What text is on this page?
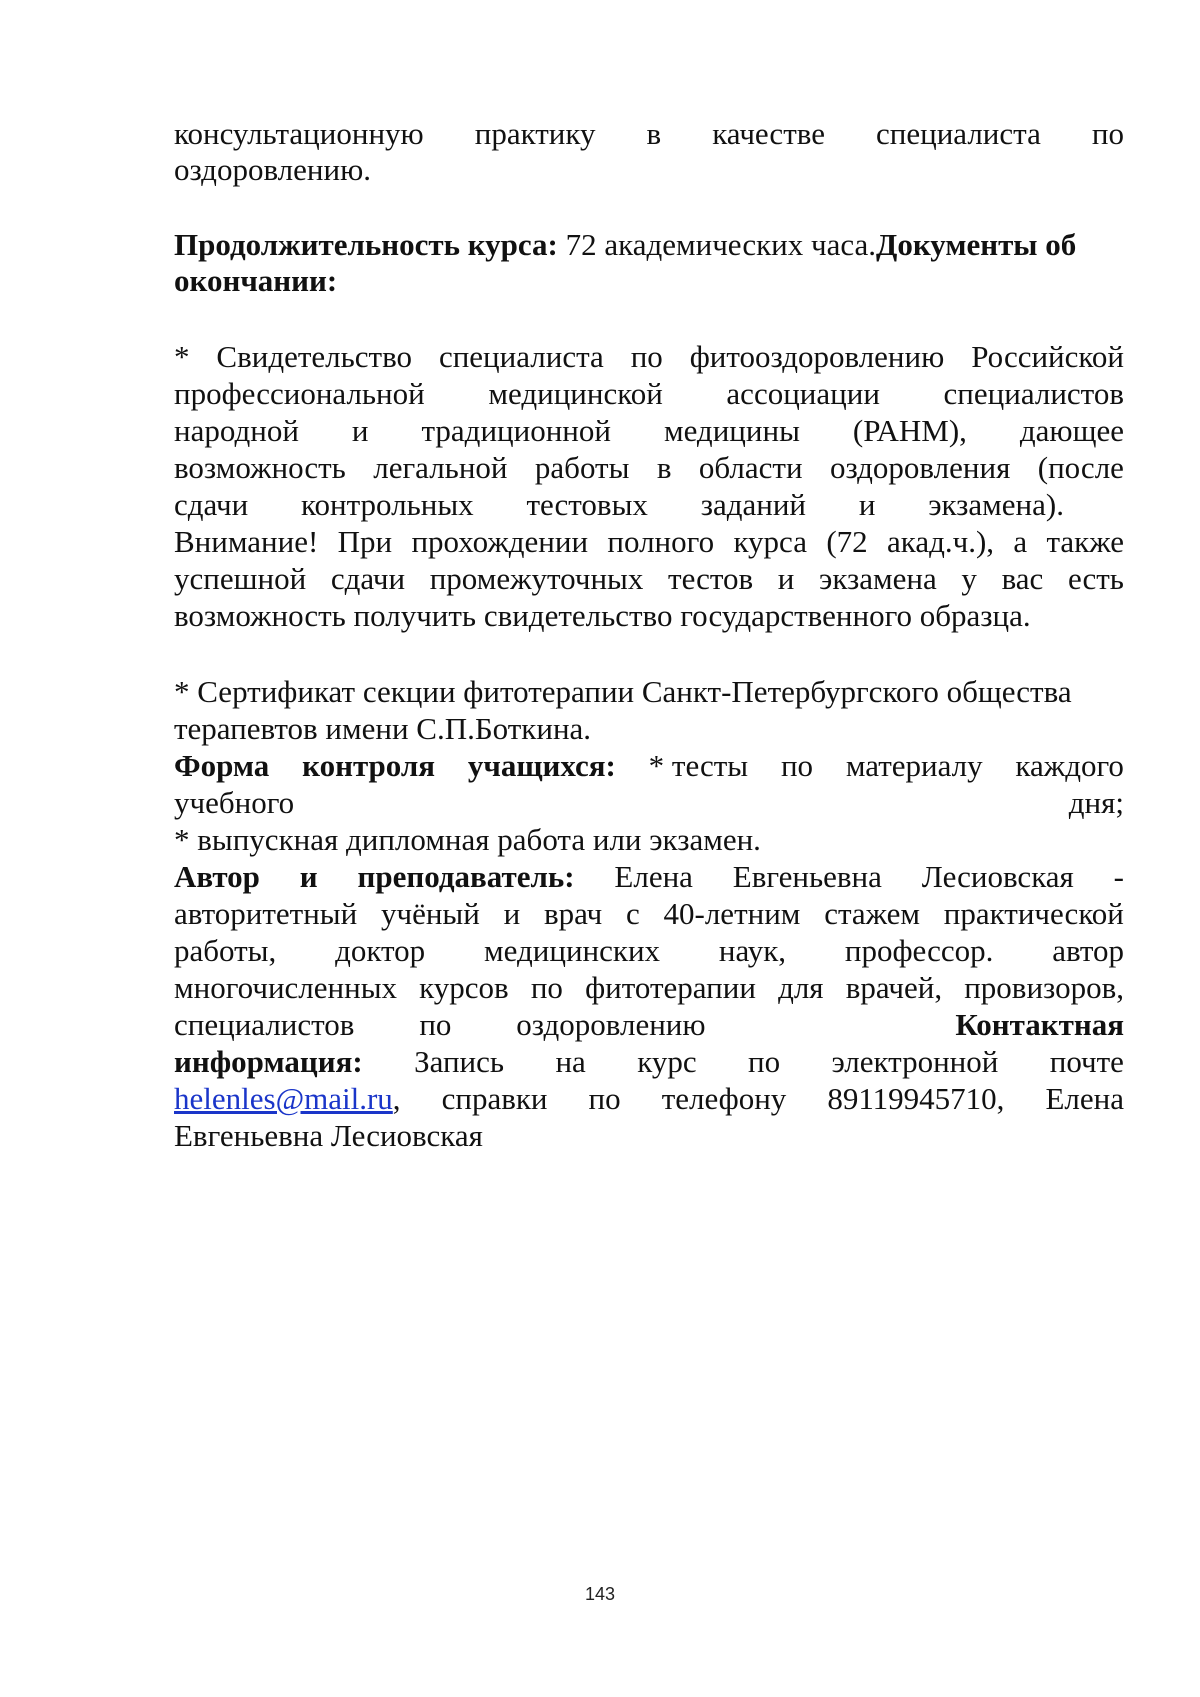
консультационную практику в качестве специалиста по
оздоровлению.
Продолжительность курса: 72 академических часа.Документы об
окончании:
* Свидетельство специалиста по фитооздоровлению Российской
профессиональной медицинской ассоциации специалистов
народной и традиционной медицины (РАНМ), дающее
возможность легальной работы в области оздоровления (после
сдачи контрольных тестовых заданий и экзамена).
Внимание! При прохождении полного курса (72 акад.ч.), а также
успешной сдачи промежуточных тестов и экзамена у вас есть
возможность получить свидетельство государственного образца.
* Сертификат секции фитотерапии Санкт-Петербургского общества
терапевтов имени С.П.Боткина.
Форма контроля учащихся: * тесты по материалу каждого
учебного	дня;
* выпускная дипломная работа или экзамен.
Автор и преподаватель: Елена Евгеньевна Лесиовская -
авторитетный учёный и врач с 40-летним стажем практической
работы, доктор медицинских наук, профессор. автор
многочисленных курсов по фитотерапии для врачей, провизоров,
специалистов по оздоровлению	Контактная
информация: Запись на курс по электронной почте
helenles@mail.ru, справки по телефону 89119945710, Елена
Евгеньевна Лесиовская
143
